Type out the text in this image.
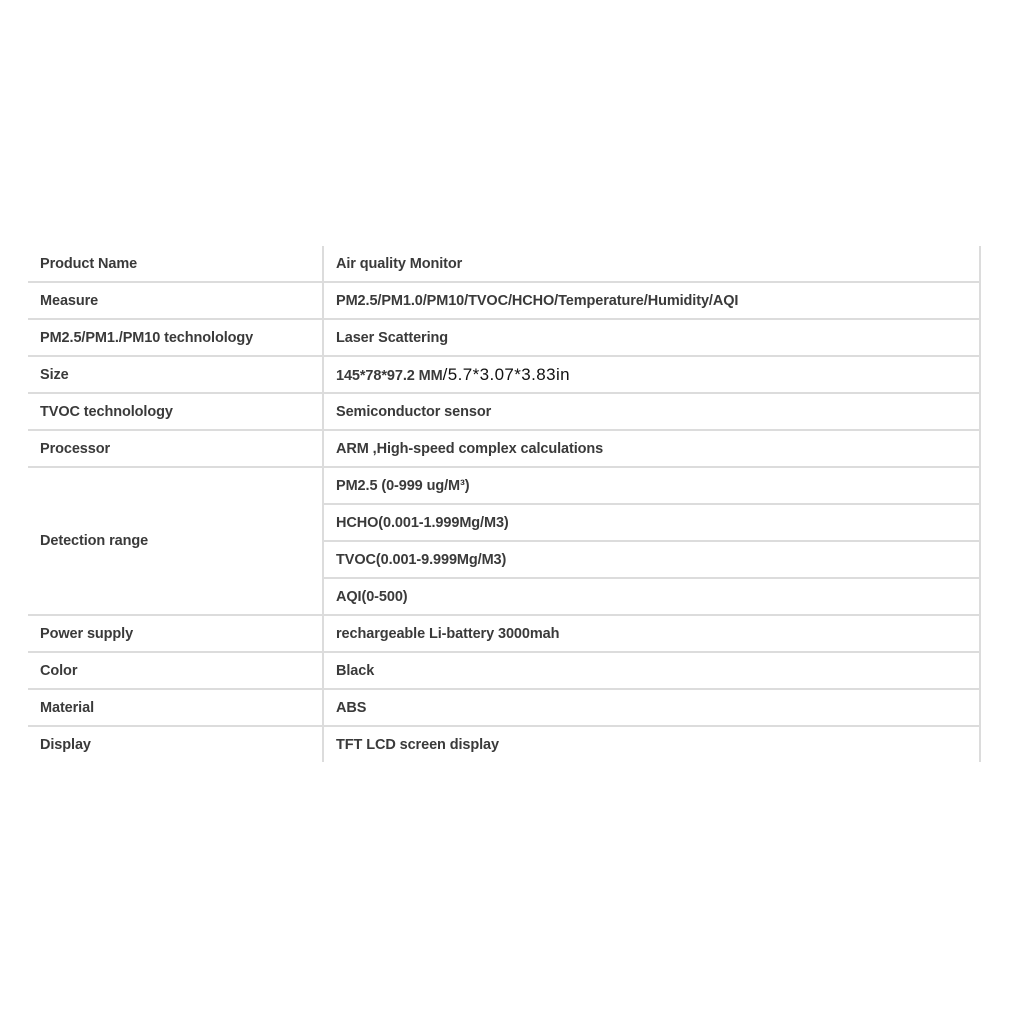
Product Name	Air quality Monitor
Measure	PM2.5/PM1.0/PM10/TVOC/HCHO/Temperature/Humidity/AQI
PM2.5/PM1./PM10 technolology	Laser Scattering
Size	145*78*97.2 MM/5.7*3.07*3.83in
TVOC technolology	Semiconductor sensor
Processor	ARM ,High-speed complex calculations
Detection range	PM2.5 (0-999 ug/M³)
	HCHO(0.001-1.999Mg/M3)
	TVOC(0.001-9.999Mg/M3)
	AQI(0-500)
Power supply	rechargeable Li-battery 3000mah
Color	Black
Material	ABS
Display	TFT LCD screen display
